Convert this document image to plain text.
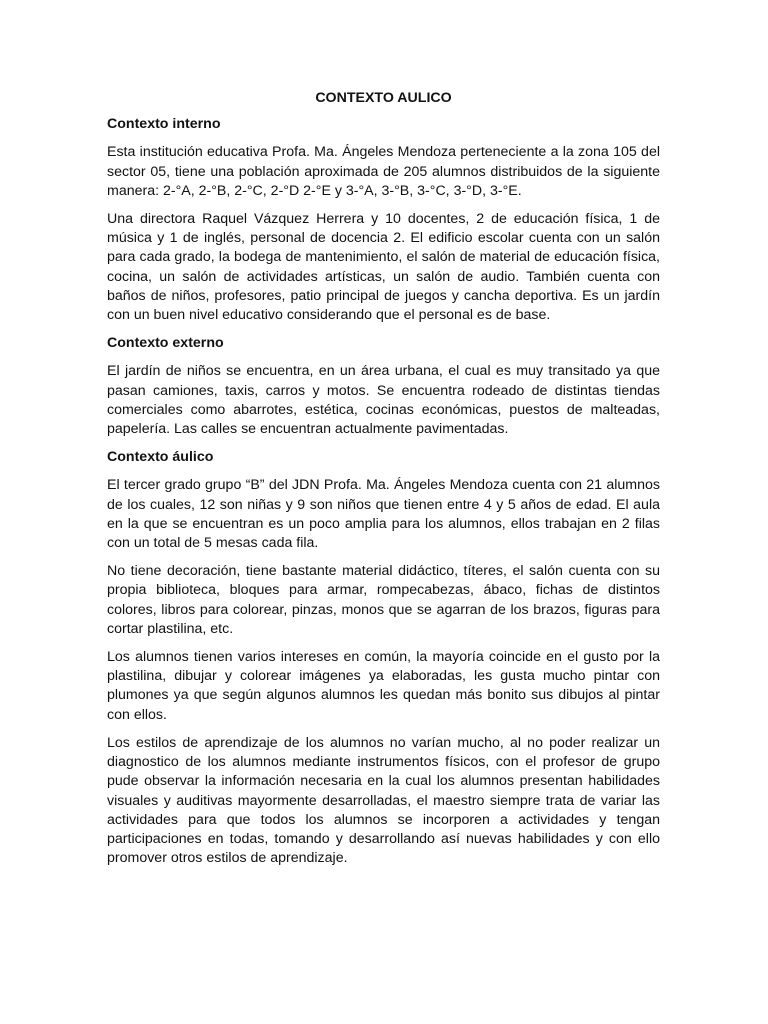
CONTEXTO AULICO
Contexto interno

Esta institución educativa Profa. Ma. Ángeles Mendoza perteneciente a la zona 105 del sector 05, tiene una población aproximada de 205 alumnos distribuidos de la siguiente manera: 2-°A, 2-°B, 2-°C, 2-°D 2-°E y 3-°A, 3-°B, 3-°C, 3-°D, 3-°E.

Una directora Raquel Vázquez Herrera y 10 docentes, 2 de educación física, 1 de música y 1 de inglés, personal de docencia 2. El edificio escolar cuenta con un salón para cada grado, la bodega de mantenimiento, el salón de material de educación física, cocina, un salón de actividades artísticas, un salón de audio. También cuenta con baños de niños, profesores, patio principal de juegos y cancha deportiva. Es un jardín con un buen nivel educativo considerando que el personal es de base.

Contexto externo

El jardín de niños se encuentra, en un área urbana, el cual es muy transitado ya que pasan camiones, taxis, carros y motos. Se encuentra rodeado de distintas tiendas comerciales como abarrotes, estética, cocinas económicas, puestos de malteadas, papelería. Las calles se encuentran actualmente pavimentadas.

Contexto áulico

El tercer grado grupo “B” del JDN Profa. Ma. Ángeles Mendoza cuenta con 21 alumnos de los cuales, 12 son niñas y 9 son niños que tienen entre 4 y 5 años de edad. El aula en la que se encuentran es un poco amplia para los alumnos, ellos trabajan en 2 filas con un total de 5 mesas cada fila.

No tiene decoración, tiene bastante material didáctico, títeres, el salón cuenta con su propia biblioteca, bloques para armar, rompecabezas, ábaco, fichas de distintos colores, libros para colorear, pinzas, monos que se agarran de los brazos, figuras para cortar plastilina, etc.

Los alumnos tienen varios intereses en común, la mayoría coincide en el gusto por la plastilina, dibujar y colorear imágenes ya elaboradas, les gusta mucho pintar con plumones ya que según algunos alumnos les quedan más bonito sus dibujos al pintar con ellos.

Los estilos de aprendizaje de los alumnos no varían mucho, al no poder realizar un diagnostico de los alumnos mediante instrumentos físicos, con el profesor de grupo pude observar la información necesaria en la cual los alumnos presentan habilidades visuales y auditivas mayormente desarrolladas, el maestro siempre trata de variar las actividades para que todos los alumnos se incorporen a actividades y tengan participaciones en todas, tomando y desarrollando así nuevas habilidades y con ello promover otros estilos de aprendizaje.
